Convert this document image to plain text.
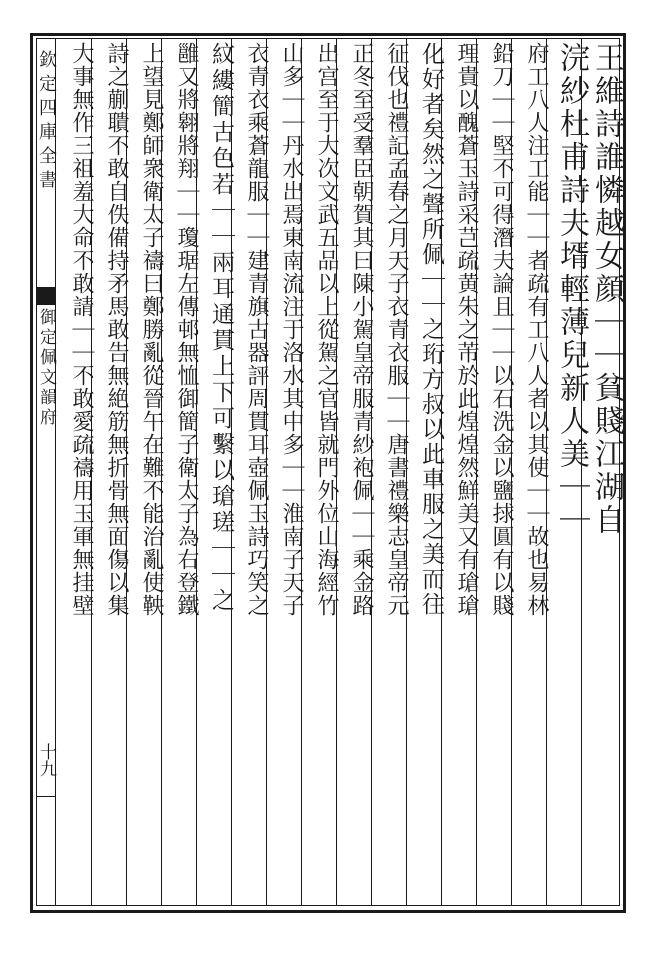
欽定四庫全書
御定佩文韻府
十九
王維詩誰憐越女顔｜｜貧賤江湖自
浣紗杜甫詩夫壻輕薄兒新人美｜｜
府工八人注工能｜｜者疏有工八人者以其使｜｜故也易林
鉛刀｜｜堅不可得潛夫論且｜｜以石洗金以鹽捄圓有以賤
理貴以醜蒼玉詩采芑疏黄朱之芾於此煌煌然鮮美又有瑲瑲
化好者矣然之聲所佩｜｜之珩方叔以此車服之美而往
征伐也禮記孟春之月天子衣青衣服｜｜唐書禮樂志皇帝元
正冬至受羣臣朝賀其曰陳小駕皇帝服青紗袍佩｜｜乘金路
出宫至于大次文武五品以上從駕之官皆就門外位山海經竹
山多｜｜丹水出焉東南流注于洛水其中多｜｜淮南子天子
衣青衣乘蒼龍服｜｜建青旗古器評周貫耳壺佩玉詩巧笑之
紋縷簡古色若｜｜兩耳通貫上下可繫以瑲瑳｜｜之
雝又將翱將翔｜｜瓊琚左傳邨無恤御簡子衛太子為右登鐵
上望見鄭師衆衛太子禱曰鄭勝亂從晉午在難不能治亂使鞅
詩之蒯聵不敢自佚備持矛馬敢告無絶筋無折骨無面傷以集
大事無作三祖羞大命不敢請｜｜不敢愛疏禱用玉軍無挂壁
